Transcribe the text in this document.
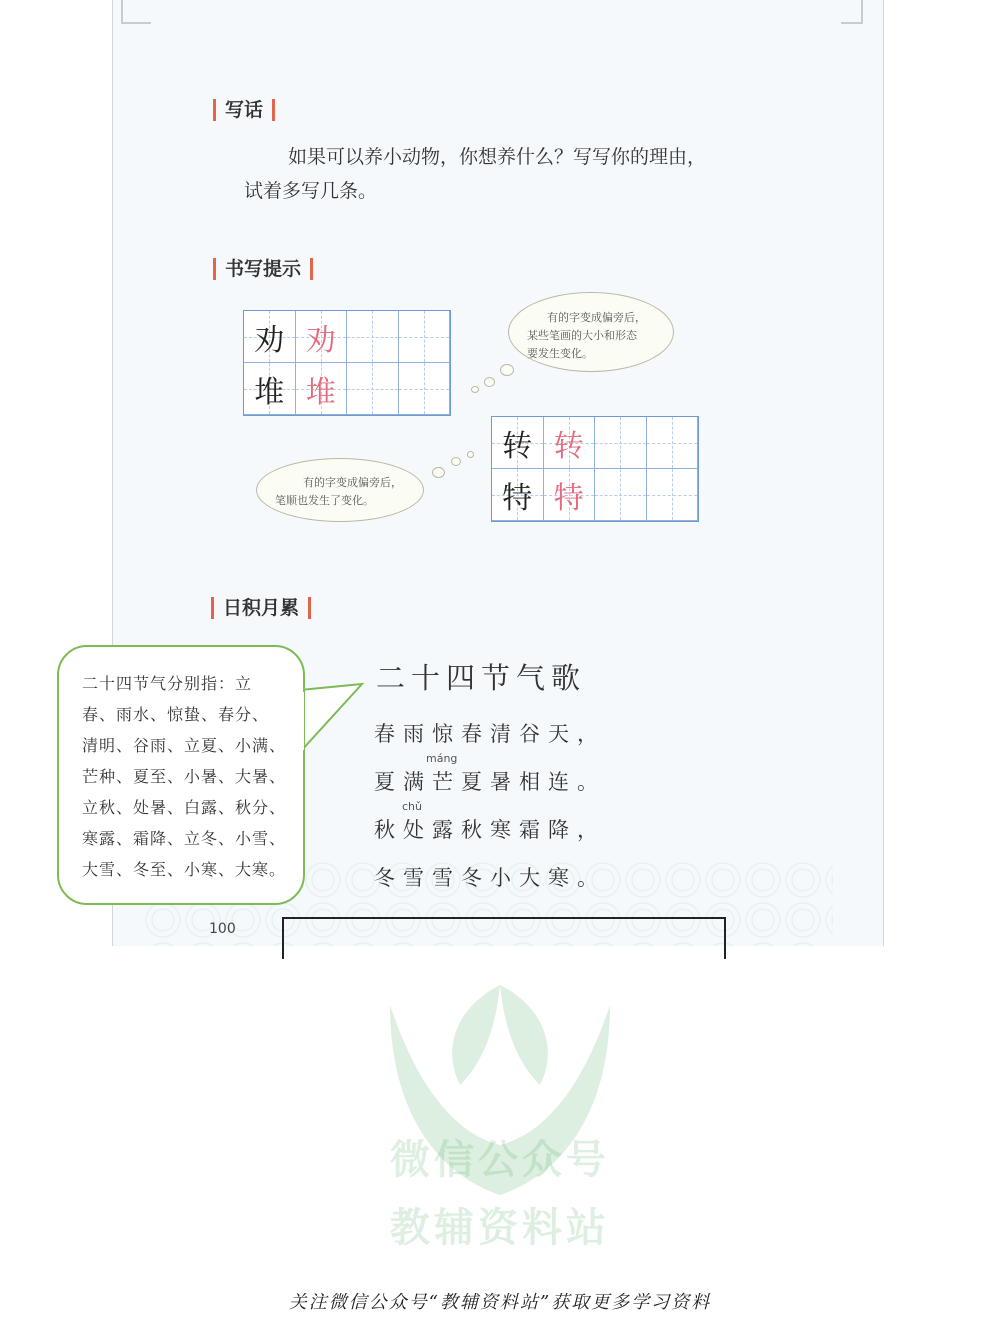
写话
如果可以养小动物，你想养什么？写写你的理由，
试着多写几条。
书写提示
劝 劝
堆 堆
有的字变成偏旁后，
某些笔画的大小和形态
要发生变化。
转 转
特 特
有的字变成偏旁后，
笔顺也发生了变化。
日积月累
二十四节气分别指：立
春、雨水、惊蛰、春分、
清明、谷雨、立夏、小满、
芒种、夏至、小暑、大暑、
立秋、处暑、白露、秋分、
寒露、霜降、立冬、小雪、
大雪、冬至、小寒、大寒。
二十四节气歌
春雨惊春清谷天，
máng
夏满芒夏暑相连。
chǔ
秋处露秋寒霜降，
冬雪雪冬小大寒。
100
微信公众号
教辅资料站
关注微信公众号“教辅资料站”获取更多学习资料
